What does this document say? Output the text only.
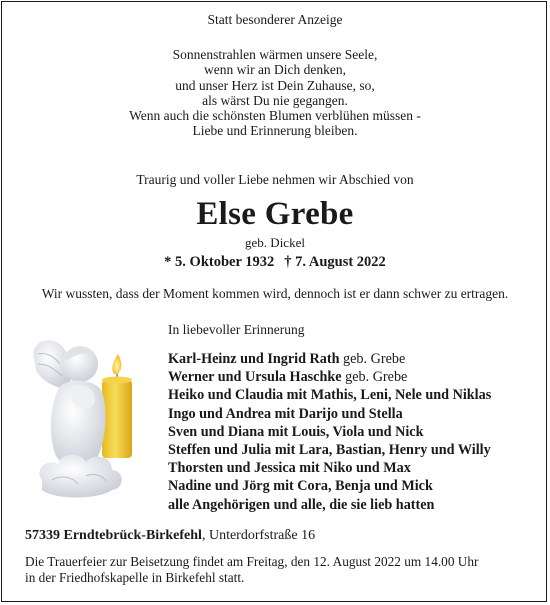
Statt besonderer Anzeige
Sonnenstrahlen wärmen unsere Seele,
wenn wir an Dich denken,
und unser Herz ist Dein Zuhause, so,
als wärst Du nie gegangen.
Wenn auch die schönsten Blumen verblühen müssen -
Liebe und Erinnerung bleiben.
Traurig und voller Liebe nehmen wir Abschied von
Else Grebe
geb. Dickel
* 5. Oktober 1932 † 7. August 2022
Wir wussten, dass der Moment kommen wird, dennoch ist er dann schwer zu ertragen.
In liebevoller Erinnerung
Karl-Heinz und Ingrid Rath geb. Grebe
Werner und Ursula Haschke geb. Grebe
Heiko und Claudia mit Mathis, Leni, Nele und Niklas
Ingo und Andrea mit Darijo und Stella
Sven und Diana mit Louis, Viola und Nick
Steffen und Julia mit Lara, Bastian, Henry und Willy
Thorsten und Jessica mit Niko und Max
Nadine und Jörg mit Cora, Benja und Mick
alle Angehörigen und alle, die sie lieb hatten
57339 Erndtebrück-Birkefehl, Unterdorfstraße 16
Die Trauerfeier zur Beisetzung findet am Freitag, den 12. August 2022 um 14.00 Uhr
in der Friedhofskapelle in Birkefehl statt.
